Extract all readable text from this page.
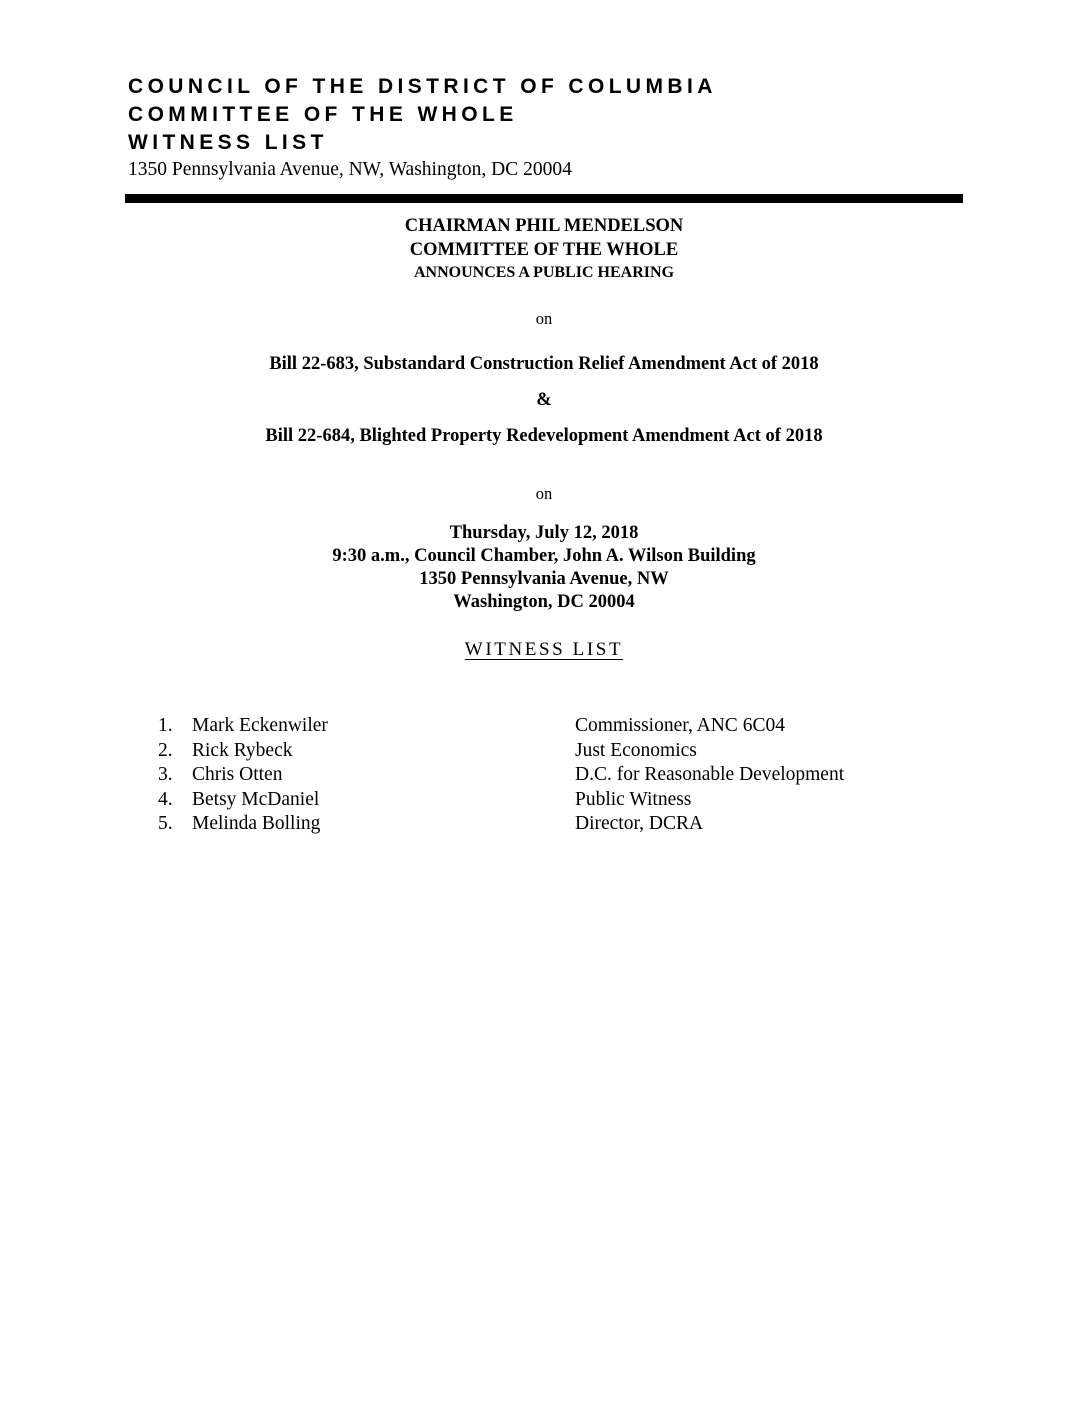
COUNCIL OF THE DISTRICT OF COLUMBIA
COMMITTEE OF THE WHOLE
WITNESS LIST
1350 Pennsylvania Avenue, NW, Washington, DC 20004
CHAIRMAN PHIL MENDELSON
COMMITTEE OF THE WHOLE
ANNOUNCES A PUBLIC HEARING
on
Bill 22-683, Substandard Construction Relief Amendment Act of 2018
&
Bill 22-684, Blighted Property Redevelopment Amendment Act of 2018
on
Thursday, July 12, 2018
9:30 a.m., Council Chamber, John A. Wilson Building
1350 Pennsylvania Avenue, NW
Washington, DC 20004
WITNESS LIST
1. Mark Eckenwiler	Commissioner, ANC 6C04
2. Rick Rybeck	Just Economics
3. Chris Otten	D.C. for Reasonable Development
4. Betsy McDaniel	Public Witness
5. Melinda Bolling	Director, DCRA
